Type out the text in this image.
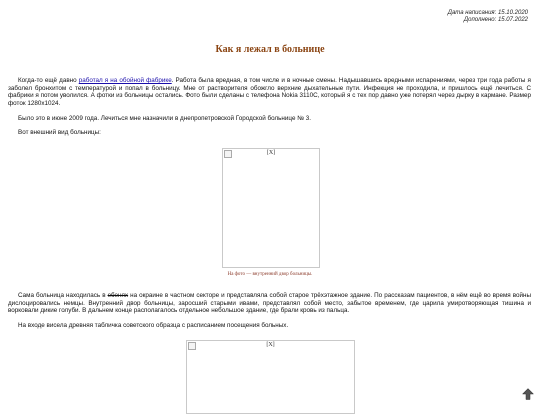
Дата написания: 15.10.2020
Дополнено: 15.07.2022
Как я лежал в больнице

Когда-то ещё давно работал я на обойной фабрике. Работа была вредная, в том числе и в ночные смены. Надышавшись вредными испарениями, через три года работы я заболел бронхитом с температурой и попал в больницу. Мне от растворителя обожгло верхние дыхательные пути. Инфекция не проходила, и пришлось ещё лечиться. С фабрики я потом уволился. А фотки из больницы остались. Фото были сделаны с телефона Nokia 3110C, который я с тех пор давно уже потерял через дырку в кармане. Размер фоток 1280x1024.

Было это в июне 2009 года. Лечиться мне назначили в днепропетровской Городской больнице № 3.

Вот внешний вид больницы:

[X]
На фото — внутренний двор больницы.

Сама больница находилась в ебенях на окраине в частном секторе и представляла собой старое трёхэтажное здание. По рассказам пациентов, в нём ещё во время войны дислоцировались немцы. Внутренний двор больницы, заросший старыми ивами, представлял собой место, забытое временем, где царила умиротворяющая тишина и ворковали дикие голуби. В дальнем конце располагалось отдельное небольшое здание, где брали кровь из пальца.

На входе висела древняя табличка советского образца с расписанием посещения больных.

[X]
